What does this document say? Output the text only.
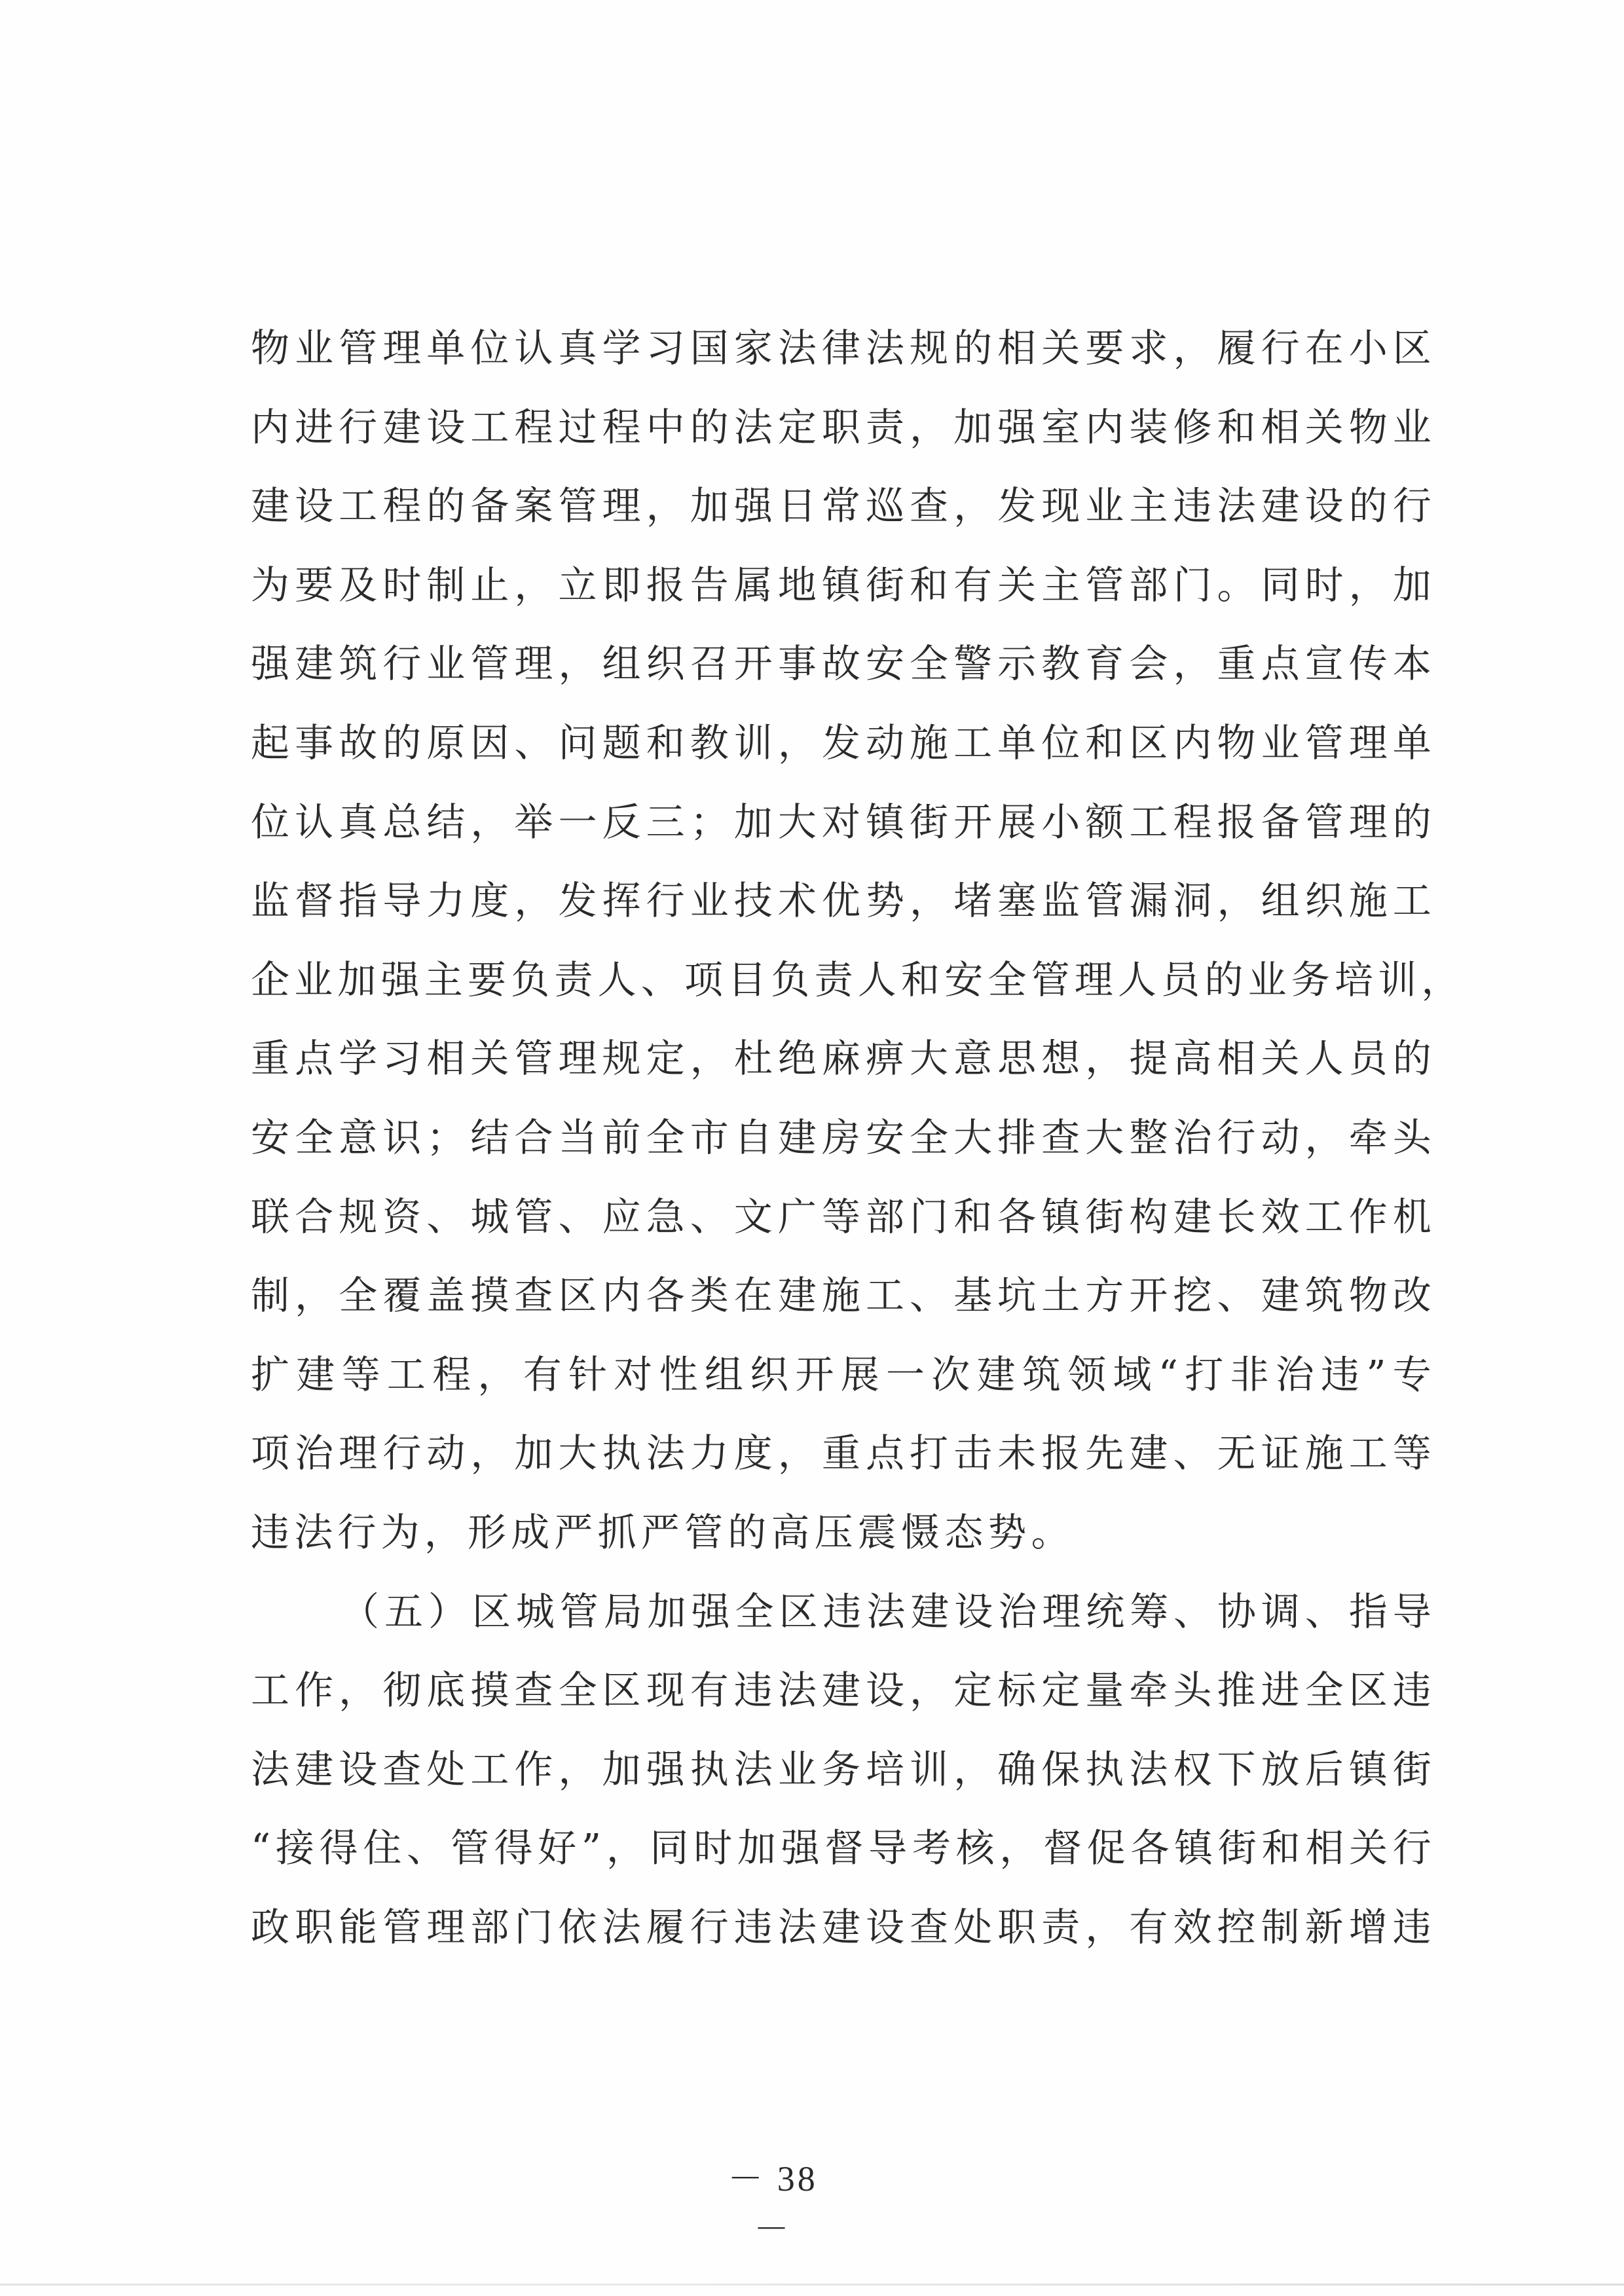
物业管理单位认真学习国家法律法规的相关要求，履行在小区
内进行建设工程过程中的法定职责，加强室内装修和相关物业
建设工程的备案管理，加强日常巡查，发现业主违法建设的行
为要及时制止，立即报告属地镇街和有关主管部门。同时，加
强建筑行业管理，组织召开事故安全警示教育会，重点宣传本
起事故的原因、问题和教训，发动施工单位和区内物业管理单
位认真总结，举一反三；加大对镇街开展小额工程报备管理的
监督指导力度，发挥行业技术优势，堵塞监管漏洞，组织施工
企业加强主要负责人、项目负责人和安全管理人员的业务培训，
重点学习相关管理规定，杜绝麻痹大意思想，提高相关人员的
安全意识；结合当前全市自建房安全大排查大整治行动，牵头
联合规资、城管、应急、文广等部门和各镇街构建长效工作机
制，全覆盖摸查区内各类在建施工、基坑土方开挖、建筑物改
扩建等工程，有针对性组织开展一次建筑领域“打非治违”专
项治理行动，加大执法力度，重点打击未报先建、无证施工等
违法行为，形成严抓严管的高压震慑态势。
（五）区城管局加强全区违法建设治理统筹、协调、指导
工作，彻底摸查全区现有违法建设，定标定量牵头推进全区违
法建设查处工作，加强执法业务培训，确保执法权下放后镇街
“接得住、管得好”，同时加强督导考核，督促各镇街和相关行
政职能管理部门依法履行违法建设查处职责，有效控制新增违
－ 38 －
